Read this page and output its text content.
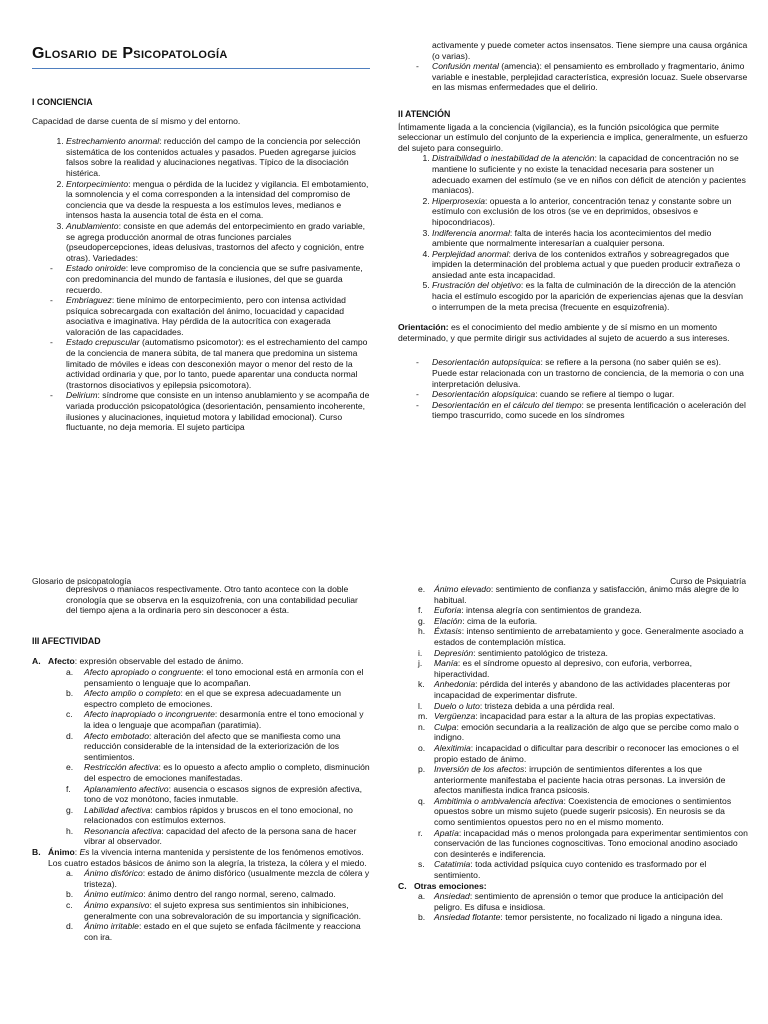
Glosario de Psicopatología
I CONCIENCIA
Capacidad de darse cuenta de sí mismo y del entorno.
1. Estrechamiento anormal: reducción del campo de la conciencia por selección sistemática de los contenidos actuales y pasados. Pueden agregarse juicios falsos sobre la realidad y alucinaciones negativas. Típico de la disociación histérica.
2. Entorpecimiento: mengua o pérdida de la lucidez y vigilancia. El embotamiento, la somnolencia y el coma corresponden a la intensidad del compromiso de conciencia que va desde la respuesta a los estímulos leves, medianos e intensos hasta la ausencia total de ésta en el coma.
3. Anublamiento: consiste en que además del entorpecimiento en grado variable, se agrega producción anormal de otras funciones parciales (pseudopercepciones, ideas delusivas, trastornos del afecto y cognición, entre otras). Variedades:
- Estado oniroide: leve compromiso de la conciencia que se sufre pasivamente, con predominancia del mundo de fantasía e ilusiones, del que se guarda recuerdo.
- Embriaguez: tiene mínimo de entorpecimiento, pero con intensa actividad psíquica sobrecargada con exaltación del ánimo, locuacidad y capacidad asociativa e imaginativa. Hay pérdida de la autocrítica con exagerada valoración de las capacidades.
- Estado crepuscular (automatismo psicomotor): es el estrechamiento del campo de la conciencia de manera súbita, de tal manera que predomina un sistema limitado de móviles e ideas con desconexión mayor o menor del resto de la actividad ordinaria y que, por lo tanto, puede aparentar una conducta normal (trastornos disociativos y epilepsia psicomotora).
- Delirium: síndrome que consiste en un intenso anublamiento y se acompaña de variada producción psicopatológica (desorientación, pensamiento incoherente, ilusiones y alucinaciones, inquietud motora y labilidad emocional). Curso fluctuante, no deja memoria. El sujeto participa
activamente y puede cometer actos insensatos. Tiene siempre una causa orgánica (o varias).
- Confusión mental (amencia): el pensamiento es embrollado y fragmentario, ánimo variable e inestable, perplejidad característica, expresión locuaz. Suele observarse en las mismas enfermedades que el delirio.
II ATENCIÓN
Íntimamente ligada a la conciencia (vigilancia), es la función psicológica que permite seleccionar un estímulo del conjunto de la experiencia e implica, generalmente, un esfuerzo del sujeto para conseguirlo.
1. Distraibilidad o inestabilidad de la atención: la capacidad de concentración no se mantiene lo suficiente y no existe la tenacidad necesaria para sostener un adecuado examen del estímulo (se ve en niños con déficit de atención y pacientes maniacos).
2. Hiperprosexia: opuesta a lo anterior, concentración tenaz y constante sobre un estímulo con exclusión de los otros (se ve en deprimidos, obsesivos e hipocondriacos).
3. Indiferencia anormal: falta de interés hacia los acontecimientos del medio ambiente que normalmente interesarían a cualquier persona.
4. Perplejidad anormal: deriva de los contenidos extraños y sobreagregados que impiden la determinación del problema actual y que pueden producir extrañeza o ansiedad ante esta incapacidad.
5. Frustración del objetivo: es la falta de culminación de la dirección de la atención hacia el estímulo escogido por la aparición de experiencias ajenas que la desvían o interrumpen de la meta precisa (frecuente en esquizofrenia).
Orientación: es el conocimiento del medio ambiente y de sí mismo en un momento determinado, y que permite dirigir sus actividades al sujeto de acuerdo a sus intereses.
- Desorientación autopsíquica: se refiere a la persona (no saber quién se es). Puede estar relacionada con un trastorno de conciencia, de la memoria o con una interpretación delusiva.
- Desorientación alopsíquica: cuando se refiere al tiempo o lugar.
- Desorientación en el cálculo del tiempo: se presenta lentificación o aceleración del tiempo trascurrido, como sucede en los síndromes
Glosario de psicopatología	Curso de Psiquiatría
depresivos o maniacos respectivamente. Otro tanto acontece con la doble cronología que se observa en la esquizofrenia, con una contabilidad peculiar del tiempo ajena a la ordinaria pero sin desconocer a ésta.
III AFECTIVIDAD
A. Afecto: expresión observable del estado de ánimo.
a. Afecto apropiado o congruente: el tono emocional está en armonía con el pensamiento o lenguaje que lo acompañan.
b. Afecto amplio o completo: en el que se expresa adecuadamente un espectro completo de emociones.
c. Afecto inapropiado o incongruente: desarmonía entre el tono emocional y la idea o lenguaje que acompañan (paratimia).
d. Afecto embotado: alteración del afecto que se manifiesta como una reducción considerable de la intensidad de la exteriorización de los sentimientos.
e. Restricción afectiva: es lo opuesto a afecto amplio o completo, disminución del espectro de emociones manifestadas.
f. Aplanamiento afectivo: ausencia o escasos signos de expresión afectiva, tono de voz monótono, facies inmutable.
g. Labilidad afectiva: cambios rápidos y bruscos en el tono emocional, no relacionados con estímulos externos.
h. Resonancia afectiva: capacidad del afecto de la persona sana de hacer vibrar al observador.
B. Ánimo: Es la vivencia interna mantenida y persistente de los fenómenos emotivos. Los cuatro estados básicos de ánimo son la alegría, la tristeza, la cólera y el miedo.
a. Ánimo disfórico: estado de ánimo disfórico (usualmente mezcla de cólera y tristeza).
b. Ánimo eutímico: ánimo dentro del rango normal, sereno, calmado.
c. Ánimo expansivo: el sujeto expresa sus sentimientos sin inhibiciones, generalmente con una sobrevaloración de su importancia y significación.
d. Ánimo irritable: estado en el que sujeto se enfada fácilmente y reacciona con ira.
e. Ánimo elevado: sentimiento de confianza y satisfacción, ánimo más alegre de lo habitual.
f. Euforia: intensa alegría con sentimientos de grandeza.
g. Elación: cima de la euforia.
h. Éxtasis: intenso sentimiento de arrebatamiento y goce. Generalmente asociado a estados de contemplación mística.
i. Depresión: sentimiento patológico de tristeza.
j. Manía: es el síndrome opuesto al depresivo, con euforia, verborrea, hiperactividad.
k. Anhedonia: pérdida del interés y abandono de las actividades placenteras por incapacidad de experimentar disfrute.
l. Duelo o luto: tristeza debida a una pérdida real.
m. Vergüenza: incapacidad para estar a la altura de las propias expectativas.
n. Culpa: emoción secundaria a la realización de algo que se percibe como malo o indigno.
o. Alexitimia: incapacidad o dificultar para describir o reconocer las emociones o el propio estado de ánimo.
p. Inversión de los afectos: irrupción de sentimientos diferentes a los que anteriormente manifestaba el paciente hacia otras personas. La inversión de afectos manifiesta indica franca psicosis.
q. Ambitimia o ambivalencia afectiva: Coexistencia de emociones o sentimientos opuestos sobre un mismo sujeto (puede sugerir psicosis). En neurosis se da como sentimientos opuestos pero no en el mismo momento.
r. Apatía: incapacidad más o menos prolongada para experimentar sentimientos con conservación de las funciones cognoscitivas. Tono emocional anodino asociado con desinterés e indiferencia.
s. Catatimia: toda actividad psíquica cuyo contenido es trasformado por el sentimiento.
C. Otras emociones:
a. Ansiedad: sentimiento de aprensión o temor que produce la anticipación del peligro. Es difusa e insidiosa.
b. Ansiedad flotante: temor persistente, no focalizado ni ligado a ninguna idea.
